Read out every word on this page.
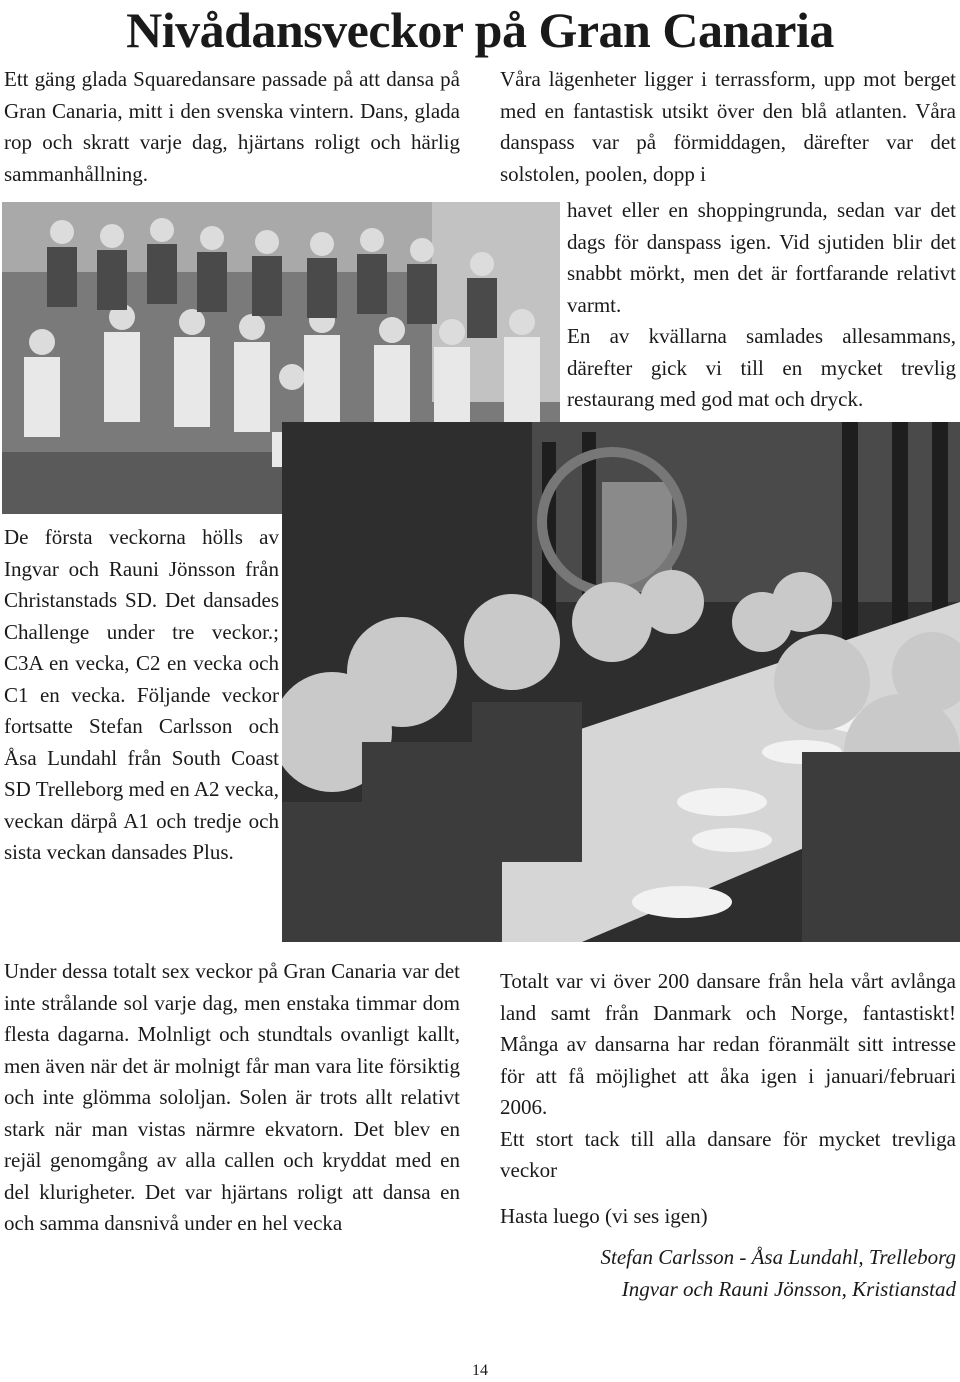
Nivådansveckor på Gran Canaria

Ett gäng glada Squaredansare passade på att dansa på Gran Canaria, mitt i den svenska vintern. Dans, glada rop och skratt varje dag, hjärtans roligt och härlig sammanhållning.

Våra lägenheter ligger i terrassform, upp mot berget med en fantastisk utsikt över den blå atlanten. Våra danspass var på förmiddagen, därefter var det solstolen, poolen, dopp i

havet eller en shoppingrunda, sedan var det dags för danspass igen. Vid sjutiden blir det snabbt mörkt, men det är fortfarande relativt varmt.

En av kvällarna samlades allesammans, därefter gick vi till en mycket trevlig restaurang med god mat och dryck.

De första veckorna hölls av Ingvar och Rauni Jönsson från Christanstads SD. Det dansades Challenge under tre veckor.; C3A en vecka, C2 en vecka och C1 en vecka. Följande veckor fortsatte Stefan Carlsson och Åsa Lundahl från South Coast SD Trelleborg med en A2 vecka, veckan därpå A1 och tredje och sista veckan dansades Plus.

Under dessa totalt sex veckor på Gran Canaria var det inte strålande sol varje dag, men enstaka timmar dom flesta dagarna. Molnligt och stundtals ovanligt kallt, men även när det är molnigt får man vara lite försiktig och inte glömma sololjan. Solen är trots allt relativt stark när man vistas närmre ekvatorn. Det blev en rejäl genomgång av alla callen och kryddat med en del klurigheter. Det var hjärtans roligt att dansa en och samma dansnivå under en hel vecka

Totalt var vi över 200 dansare från hela vårt avlånga land samt från Danmark och Norge, fantastiskt! Många av dansarna har redan föranmält sitt intresse för att få möjlighet att åka igen i januari/februari 2006.

Ett stort tack till alla dansare för mycket trevliga veckor

Hasta luego (vi ses igen)

Stefan Carlsson - Åsa Lundahl, Trelleborg

Ingvar och Rauni Jönsson, Kristianstad

14
